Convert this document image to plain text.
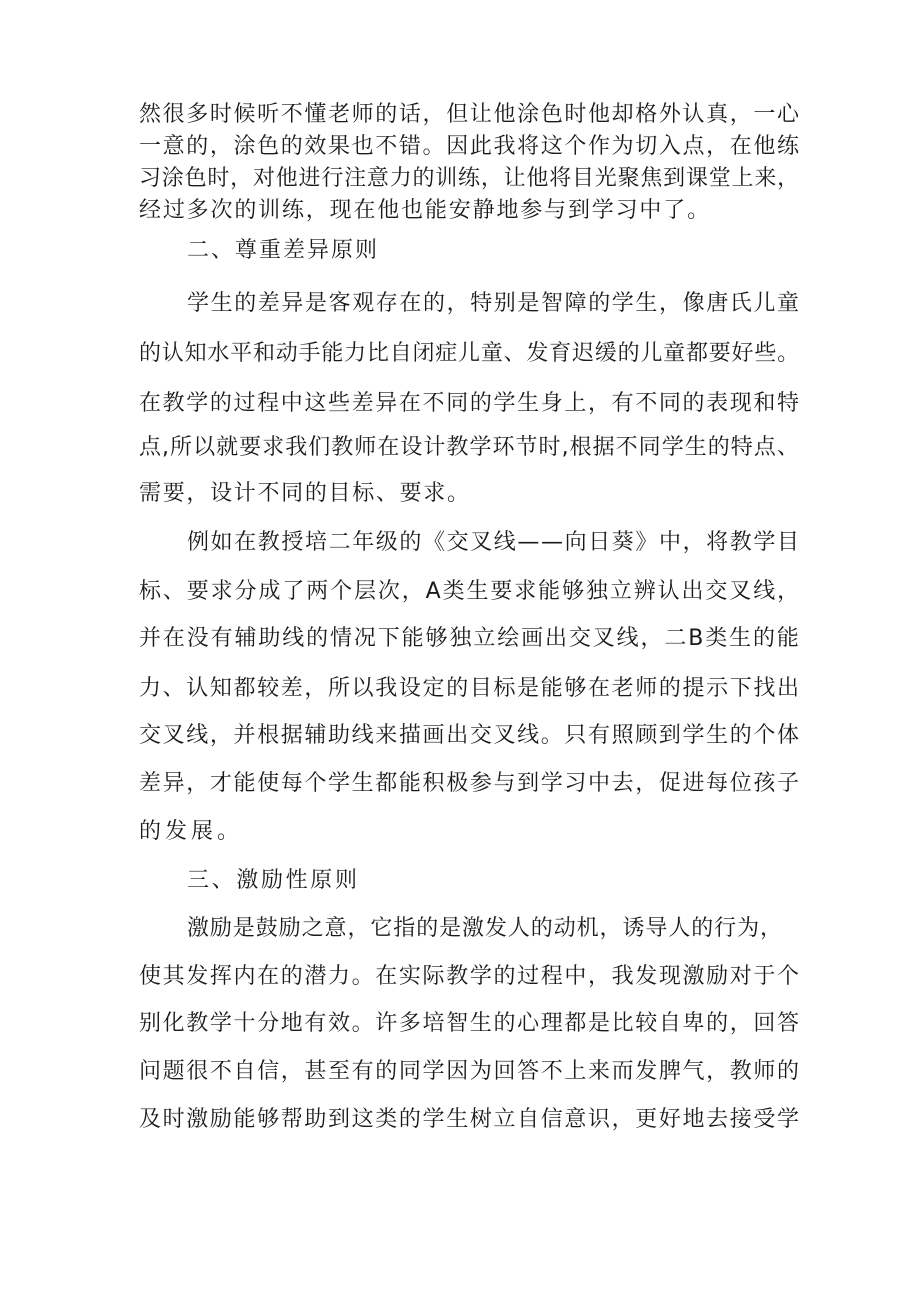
然很多时候听不懂老师的话，但让他涂色时他却格外认真，一心
一意的，涂色的效果也不错。因此我将这个作为切入点，在他练
习涂色时，对他进行注意力的训练，让他将目光聚焦到课堂上来，
经过多次的训练，现在他也能安静地参与到学习中了。
二、尊重差异原则
学生的差异是客观存在的，特别是智障的学生，像唐氏儿童
的认知水平和动手能力比自闭症儿童、发育迟缓的儿童都要好些。
在教学的过程中这些差异在不同的学生身上，有不同的表现和特
点,所以就要求我们教师在设计教学环节时,根据不同学生的特点、
需要，设计不同的目标、要求。
例如在教授培二年级的《交叉线——向日葵》中，将教学目
标、要求分成了两个层次，A类生要求能够独立辨认出交叉线，
并在没有辅助线的情况下能够独立绘画出交叉线，二B类生的能
力、认知都较差，所以我设定的目标是能够在老师的提示下找出
交叉线，并根据辅助线来描画出交叉线。只有照顾到学生的个体
差异，才能使每个学生都能积极参与到学习中去，促进每位孩子
的发展。
三、激励性原则
激励是鼓励之意，它指的是激发人的动机，诱导人的行为，
使其发挥内在的潜力。在实际教学的过程中，我发现激励对于个
别化教学十分地有效。许多培智生的心理都是比较自卑的，回答
问题很不自信，甚至有的同学因为回答不上来而发脾气，教师的
及时激励能够帮助到这类的学生树立自信意识，更好地去接受学
